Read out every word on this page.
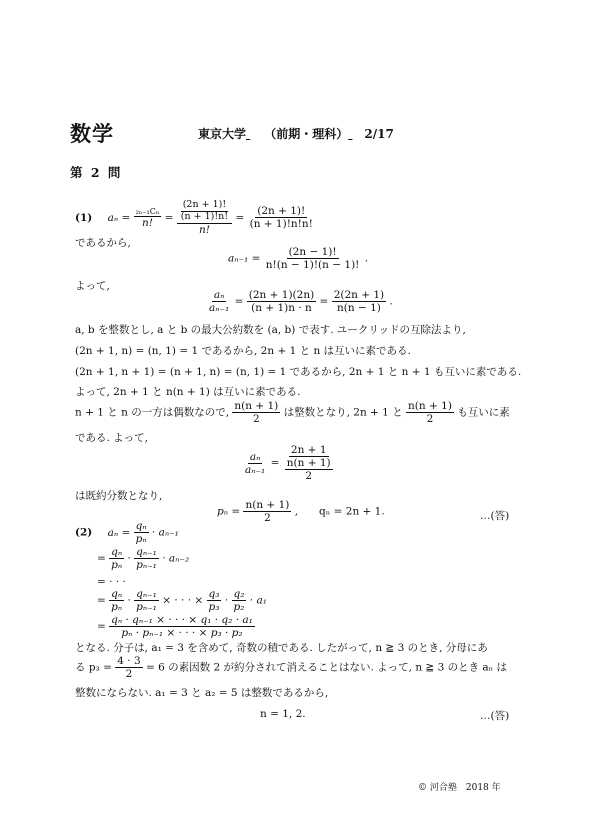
数学	東京大学 （前期・理科） 2/17
第 2 問
(1) $a_n = \frac{\text{₂ₙ₋₁Cₙ}}{n!} = \frac{\frac{(2n + 1)!}{(n + 1)!n!}}{n!} = \frac{(2n + 1)!}{(n + 1)!n!n!}$
であるから,
$a_{n-1} = \frac{(2n - 1)!}{n!(n - 1)!(n - 1)!}$ .
よって,
$\frac{\text{aₙ}}{\text{aₙ₋₁}} = \frac{(2n + 1)(2n)}{(n + 1)n \cdot n} = \frac{2(2n + 1)}{n(n - 1)}$ .
a, b を整数とし, a と b の最大公約数を (a, b) で表す. ユークリッドの互除法より,
(2n + 1, n) = (n, 1) = 1 であるから, 2n + 1 と n は互いに素である.
(2n + 1, n + 1) = (n + 1, n) = (n, 1) = 1 であるから, 2n + 1 と n + 1 も互いに素である.
よって, 2n + 1 と n(n + 1) は互いに素である.
n + 1 と n の一方は偶数なので, $\frac{n(n + 1)}{2}$ は整数となり, 2n + 1 と $\frac{n(n + 1)}{2}$ も互いに素
である. よって,
$\frac{\text{aₙ}}{\text{aₙ₋₁}} = \frac{2n + 1}{\frac{n(n + 1)}{2}}$
は既約分数となり,
$p_n = \frac{n(n + 1)}{2}$ ,　　qₙ = 2n + 1.	…(答)
(2) $a_n = \frac{\text{qₙ}}{\text{pₙ}} \cdot a_{n-1}$
= $\frac{\text{qₙ}}{\text{pₙ}} \cdot \frac{\text{qₙ₋₁}}{\text{pₙ₋₁}} \cdot a_{n-2}$
= · · ·
= $\frac{\text{qₙ}}{\text{pₙ}} \cdot \frac{\text{qₙ₋₁}}{\text{pₙ₋₁}}$ × · · · × $\frac{\text{q₃}}{\text{p₃}} \cdot \frac{\text{q₂}}{\text{p₂}} \cdot a_1$
= $\frac{\text{qₙ · qₙ₋₁ × · · · × q₁ · q₂ · a₁}}{\text{pₙ · pₙ₋₁ × · · · × p₃ · p₂}}$
となる. 分子は, a₁ = 3 を含めて, 奇数の積である. したがって, n ≧ 3 のとき, 分母にあ
る $p_3 = \frac{4 \cdot 3}{2} = 6$ の素因数 2 が約分されて消えることはない. よって, n ≧ 3 のとき aₙ は
整数にならない. a₁ = 3 と a₂ = 5 は整数であるから,
n = 1, 2.	…(答)
© 河合塾　2018 年
